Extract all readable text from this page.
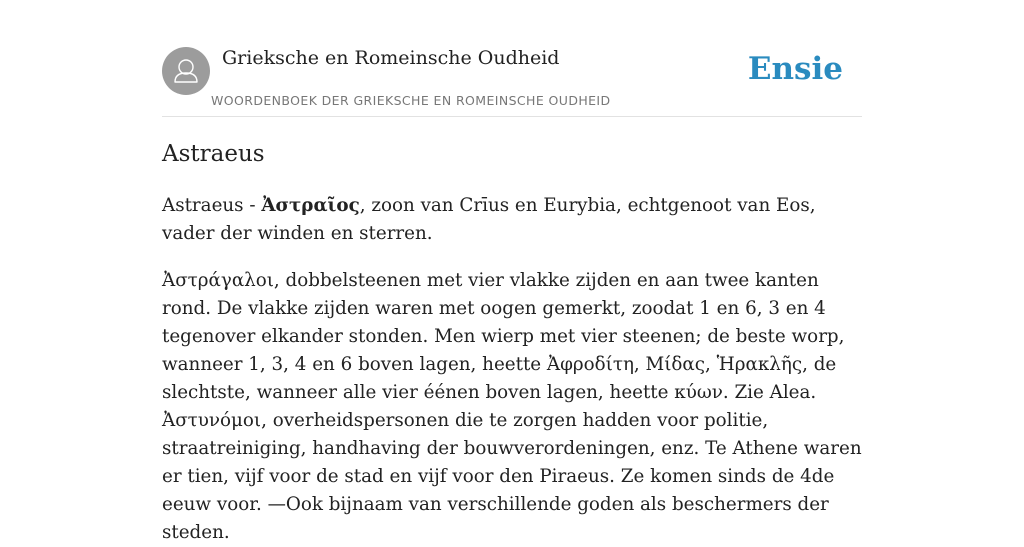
Grieksche en Romeinsche Oudheid
WOORDENBOEK DER GRIEKSCHE EN ROMEINSCHE OUDHEID
Ensie
Astraeus

Astraeus - Ἀστραῖος, zoon van Crīus en Eurybia, echtgenoot van Eos, vader der winden en sterren.

Ἀστράγαλοι, dobbelsteenen met vier vlakke zijden en aan twee kanten rond. De vlakke zijden waren met oogen gemerkt, zoodat 1 en 6, 3 en 4 tegenover elkander stonden. Men wierp met vier steenen; de beste worp, wanneer 1, 3, 4 en 6 boven lagen, heette Ἀφροδίτη, Μίδας, Ἡρακλῆς, de slechtste, wanneer alle vier éénen boven lagen, heette κύων. Zie Alea.

Ἀστυνόμοι, overheidspersonen die te zorgen hadden voor politie, straatreiniging, handhaving der bouwverordeningen, enz. Te Athene waren er tien, vijf voor de stad en vijf voor den Piraeus. Ze komen sinds de 4de eeuw voor. —Ook bijnaam van verschillende goden als beschermers der steden.
